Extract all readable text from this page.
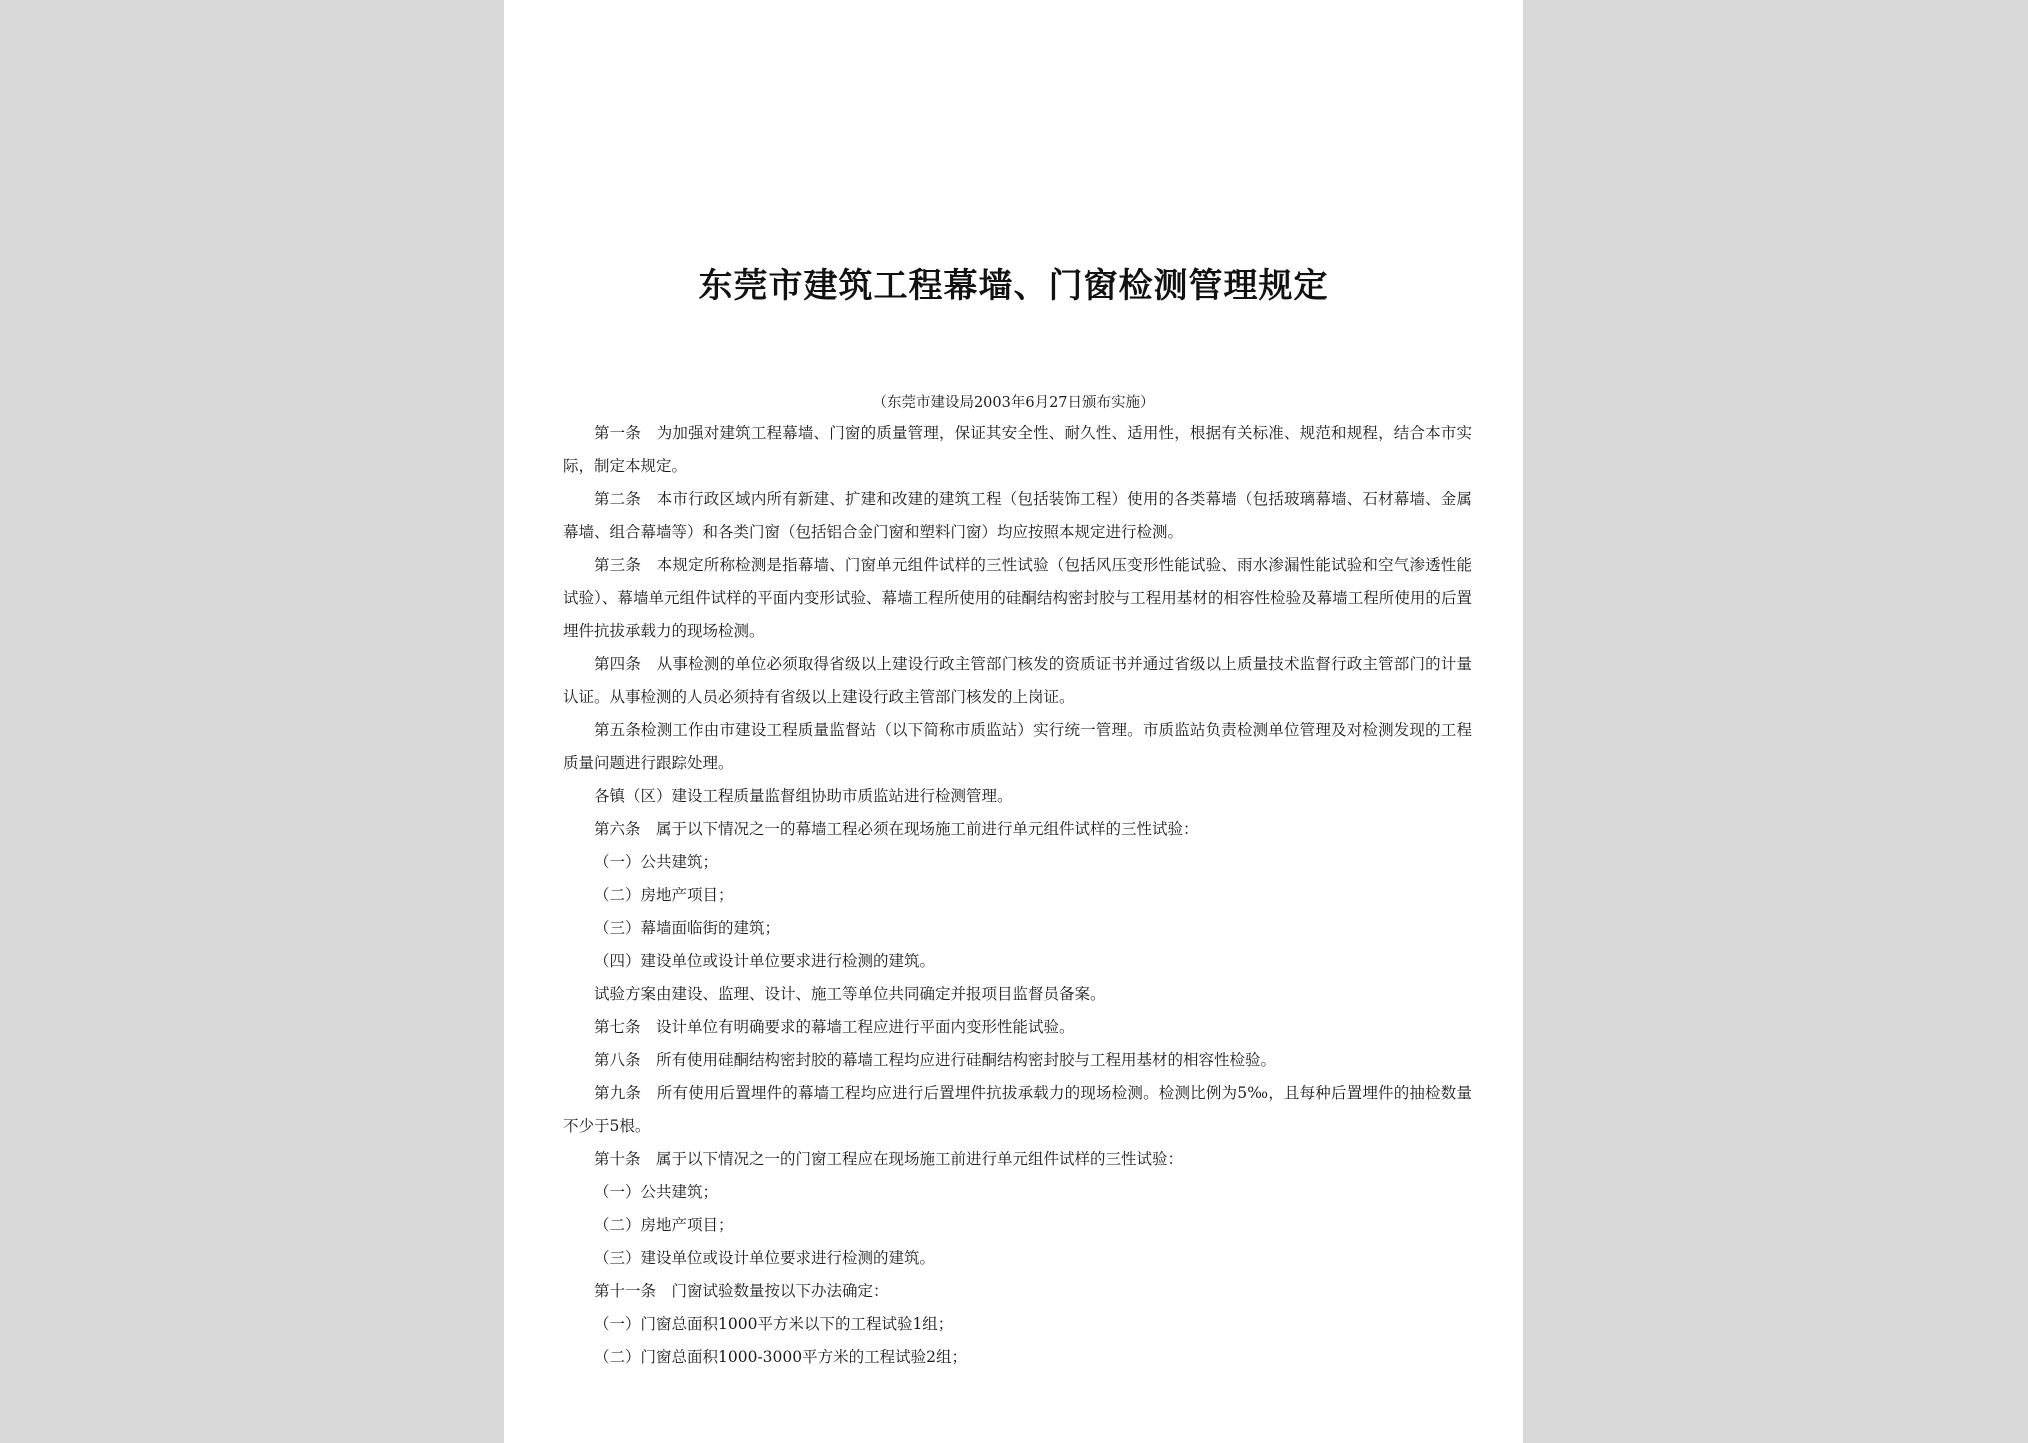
东莞市建筑工程幕墙、门窗检测管理规定
（东莞市建设局2003年6月27日颁布实施）

第一条　为加强对建筑工程幕墙、门窗的质量管理，保证其安全性、耐久性、适用性，根据有关标准、规范和规程，结合本市实际，制定本规定。

第二条　本市行政区域内所有新建、扩建和改建的建筑工程（包括装饰工程）使用的各类幕墙（包括玻璃幕墙、石材幕墙、金属幕墙、组合幕墙等）和各类门窗（包括铝合金门窗和塑料门窗）均应按照本规定进行检测。

第三条　本规定所称检测是指幕墙、门窗单元组件试样的三性试验（包括风压变形性能试验、雨水渗漏性能试验和空气渗透性能试验）、幕墙单元组件试样的平面内变形试验、幕墙工程所使用的硅酮结构密封胶与工程用基材的相容性检验及幕墙工程所使用的后置埋件抗拔承载力的现场检测。

第四条　从事检测的单位必须取得省级以上建设行政主管部门核发的资质证书并通过省级以上质量技术监督行政主管部门的计量认证。从事检测的人员必须持有省级以上建设行政主管部门核发的上岗证。

第五条检测工作由市建设工程质量监督站（以下简称市质监站）实行统一管理。市质监站负责检测单位管理及对检测发现的工程质量问题进行跟踪处理。

各镇（区）建设工程质量监督组协助市质监站进行检测管理。

第六条　属于以下情况之一的幕墙工程必须在现场施工前进行单元组件试样的三性试验：

（一）公共建筑；

（二）房地产项目；

（三）幕墙面临街的建筑；

（四）建设单位或设计单位要求进行检测的建筑。

试验方案由建设、监理、设计、施工等单位共同确定并报项目监督员备案。

第七条　设计单位有明确要求的幕墙工程应进行平面内变形性能试验。

第八条　所有使用硅酮结构密封胶的幕墙工程均应进行硅酮结构密封胶与工程用基材的相容性检验。

第九条　所有使用后置埋件的幕墙工程均应进行后置埋件抗拔承载力的现场检测。检测比例为5‰，且每种后置埋件的抽检数量不少于5根。

第十条　属于以下情况之一的门窗工程应在现场施工前进行单元组件试样的三性试验：

（一）公共建筑；

（二）房地产项目；

（三）建设单位或设计单位要求进行检测的建筑。

第十一条　门窗试验数量按以下办法确定：

（一）门窗总面积1000平方米以下的工程试验1组；

（二）门窗总面积1000-3000平方米的工程试验2组；
